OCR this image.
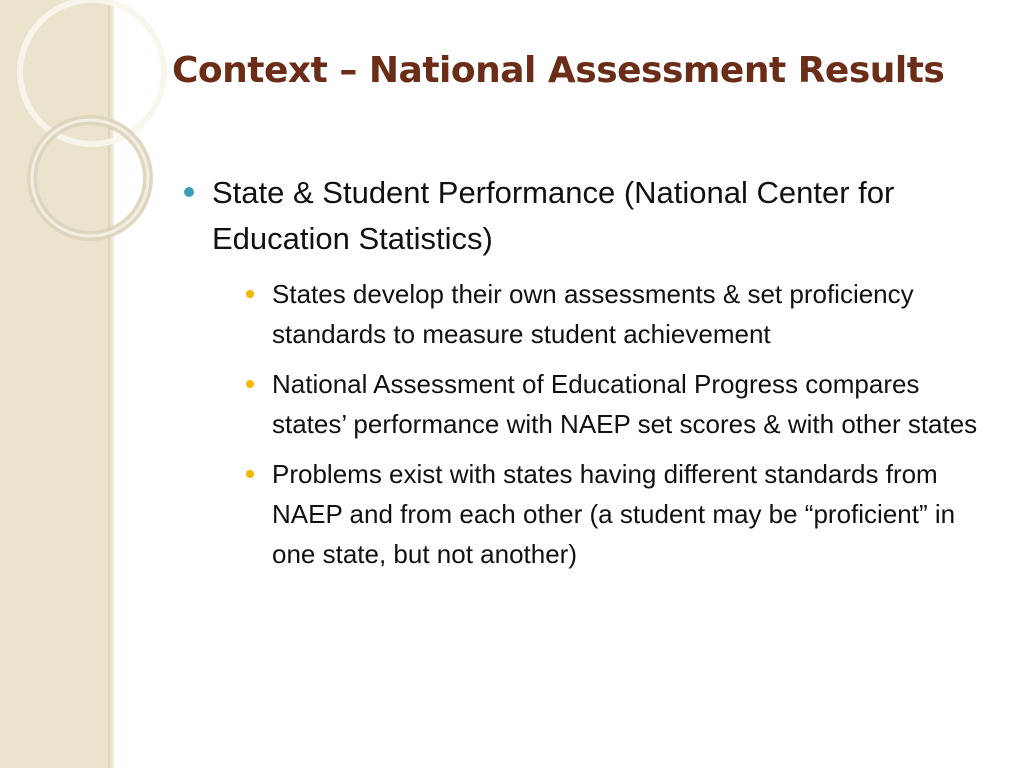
Context – National Assessment Results
State & Student Performance (National Center for Education Statistics)
States develop their own assessments & set proficiency standards to measure student achievement
National Assessment of Educational Progress compares states’ performance with NAEP set scores & with other states
Problems exist with states having different standards from NAEP and from each other (a student may be “proficient” in one state, but not another)
